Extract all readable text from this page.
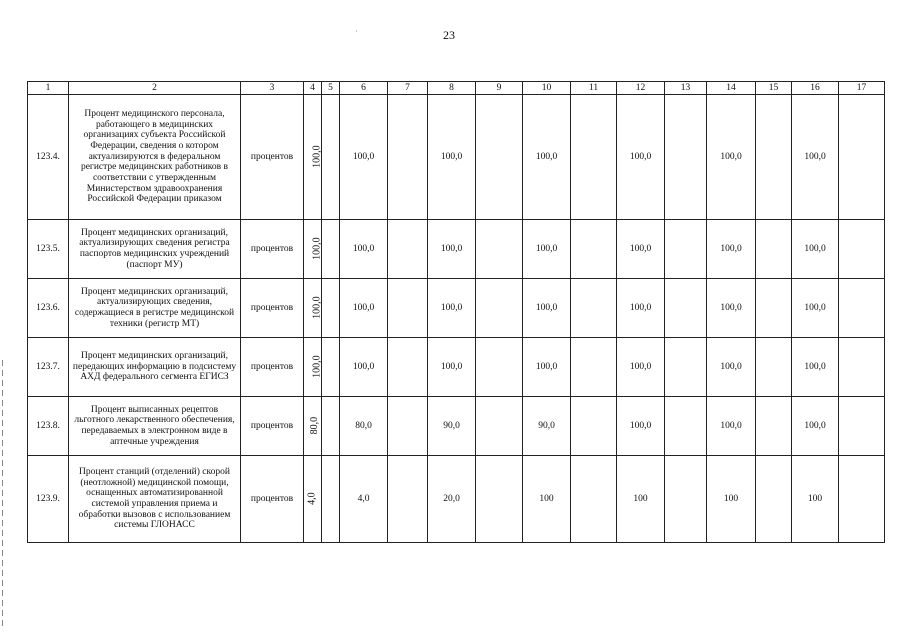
23
·
1	2	3	4	5	6	7	8	9	10	11	12	13	14	15	16	17
123.4.	Процент медицинского персонала, работающего в медицинских организациях субъекта Российской Федерации, сведения о котором актуализируются в федеральном регистре медицинских работников в соответствии с утвержденным Министерством здравоохранения Российской Федерации приказом	процентов	100,0		100,0		100,0		100,0		100,0		100,0		100,0	
123.5.	Процент медицинских организаций, актуализирующих сведения регистра паспортов медицинских учреждений (паспорт МУ)	процентов	100,0		100,0		100,0		100,0		100,0		100,0		100,0	
123.6.	Процент медицинских организаций, актуализирующих сведения, содержащиеся в регистре медицинской техники (регистр МТ)	процентов	100,0		100,0		100,0		100,0		100,0		100,0		100,0	
123.7.	Процент медицинских организаций, передающих информацию в подсистему АХД федерального сегмента ЕГИСЗ	процентов	100,0		100,0		100,0		100,0		100,0		100,0		100,0	
123.8.	Процент выписанных рецептов льготного лекарственного обеспечения, передаваемых в электронном виде в аптечные учреждения	процентов	80,0		80,0		90,0		90,0		100,0		100,0		100,0	
123.9.	Процент станций (отделений) скорой (неотложной) медицинской помощи, оснащенных автоматизированной системой управления приема и обработки вызовов с использованием системы ГЛОНАСС	процентов	4,0		4,0		20,0		100		100		100		100	
